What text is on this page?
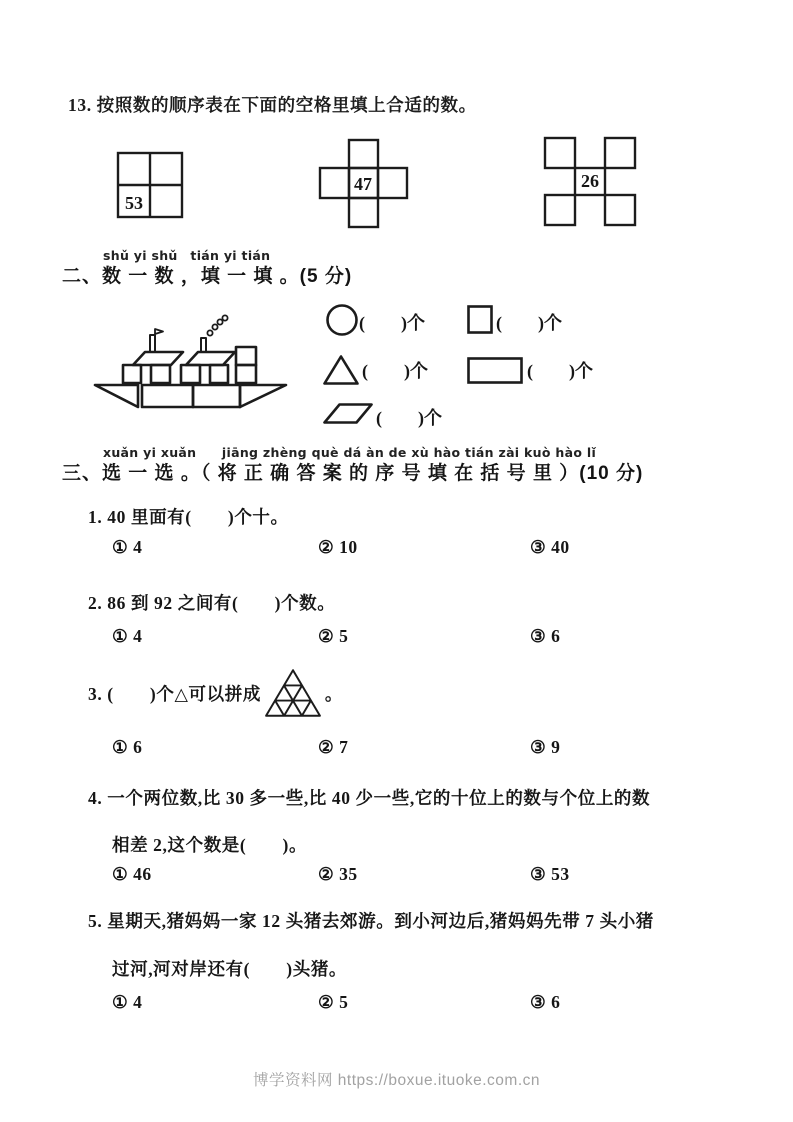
13. 按照数的顺序表在下面的空格里填上合适的数。
53
47	26
shǔ yi shǔ　tián yi tián
二、数 一 数 ，填 一 填 。(5 分)
(　　)个	(　　)个
(　　)个	(　　)个
(　　)个
xuǎn yi xuǎn　　jiāng zhèng què dá àn de xù hào tián zài kuò hào lǐ
三、选 一 选 。（ 将 正 确 答 案 的 序 号 填 在 括 号 里 ）(10 分)
1. 40 里面有(　　)个十。
① 4	② 10	③ 40
2. 86 到 92 之间有(　　)个数。
① 4	② 5	③ 6
3. (　　)个△可以拼成	。
① 6	② 7	③ 9
4. 一个两位数,比 30 多一些,比 40 少一些,它的十位上的数与个位上的数
相差 2,这个数是(　　)。
① 46	② 35	③ 53
5. 星期天,猪妈妈一家 12 头猪去郊游。到小河边后,猪妈妈先带 7 头小猪
过河,河对岸还有(　　)头猪。
① 4	② 5	③ 6
博学资料网 https://boxue.ituoke.com.cn
